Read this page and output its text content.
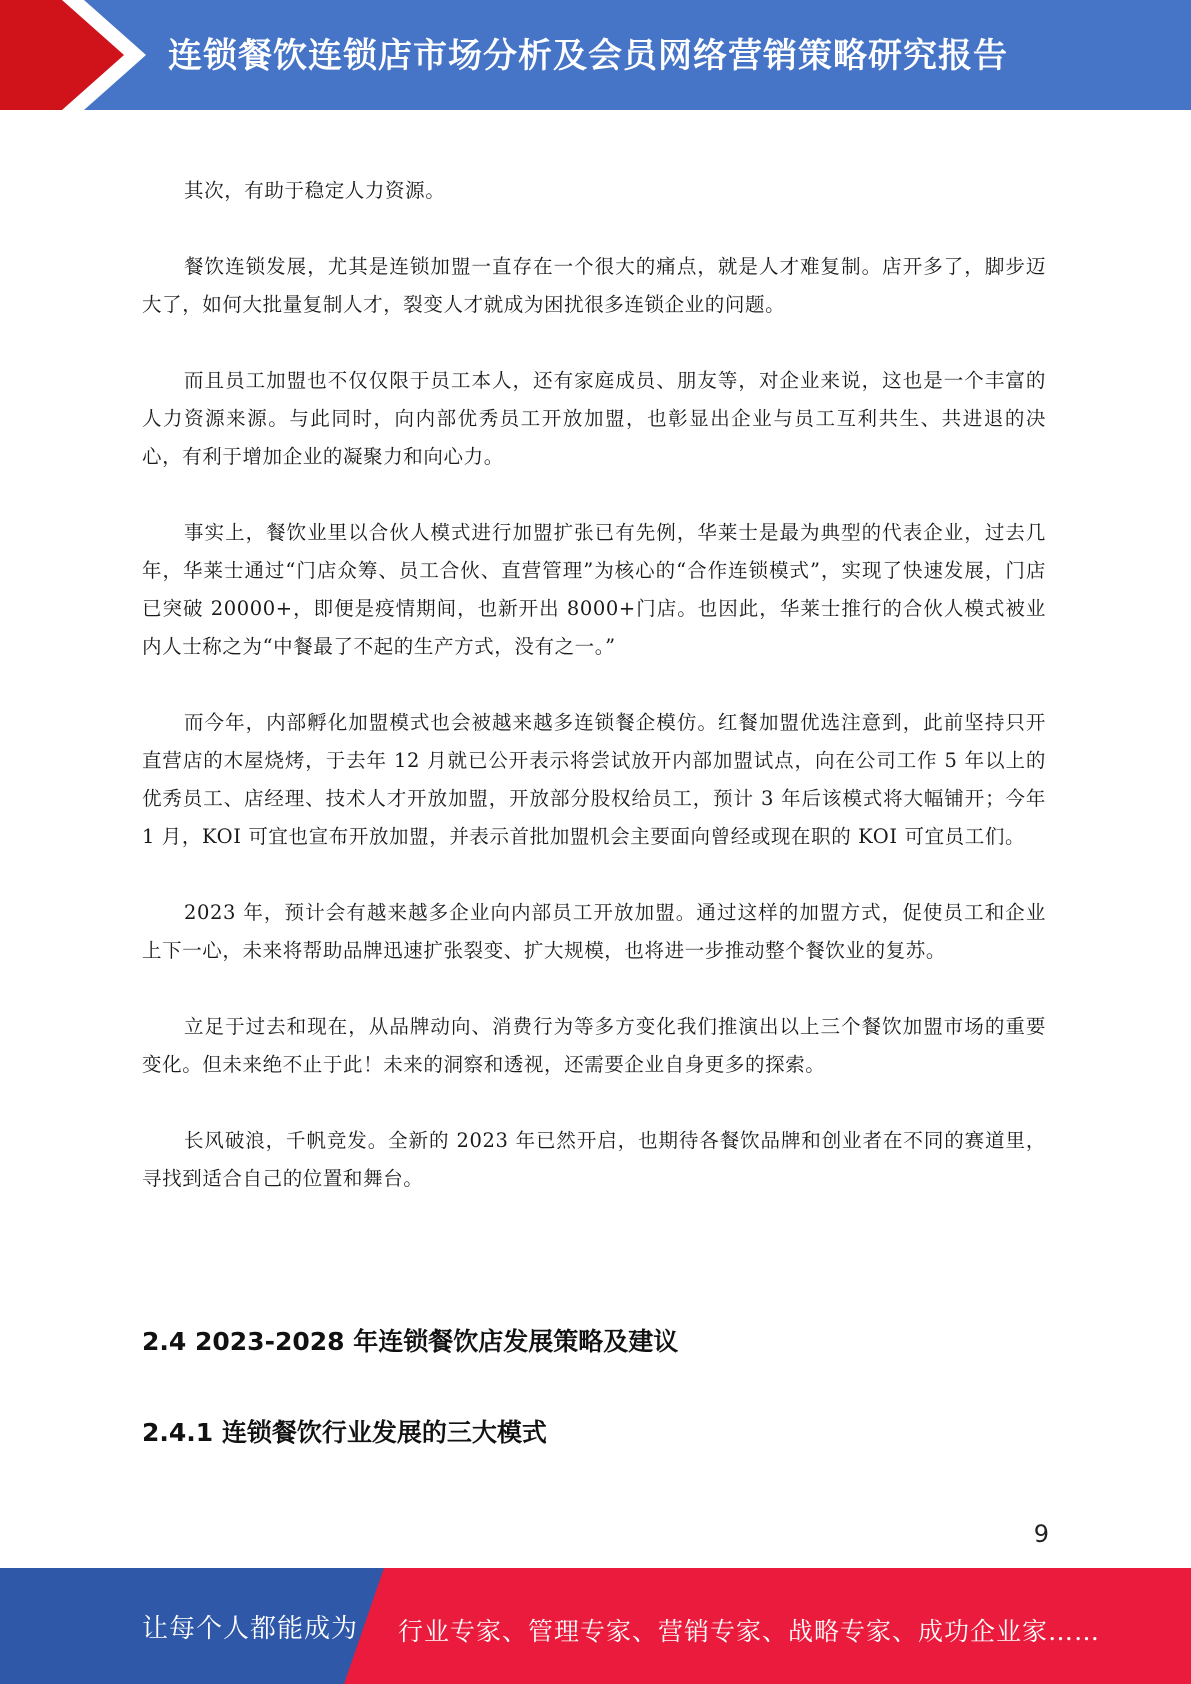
连锁餐饮连锁店市场分析及会员网络营销策略研究报告

其次，有助于稳定人力资源。

餐饮连锁发展，尤其是连锁加盟一直存在一个很大的痛点，就是人才难复制。店开多了，脚步迈大了，如何大批量复制人才，裂变人才就成为困扰很多连锁企业的问题。

而且员工加盟也不仅仅限于员工本人，还有家庭成员、朋友等，对企业来说，这也是一个丰富的人力资源来源。与此同时，向内部优秀员工开放加盟，也彰显出企业与员工互利共生、共进退的决心，有利于增加企业的凝聚力和向心力。

事实上，餐饮业里以合伙人模式进行加盟扩张已有先例，华莱士是最为典型的代表企业，过去几年，华莱士通过“门店众筹、员工合伙、直营管理”为核心的“合作连锁模式”，实现了快速发展，门店已突破 20000+，即便是疫情期间，也新开出 8000+门店。也因此，华莱士推行的合伙人模式被业内人士称之为“中餐最了不起的生产方式，没有之一。”

而今年，内部孵化加盟模式也会被越来越多连锁餐企模仿。红餐加盟优选注意到，此前坚持只开直营店的木屋烧烤，于去年 12 月就已公开表示将尝试放开内部加盟试点，向在公司工作 5 年以上的优秀员工、店经理、技术人才开放加盟，开放部分股权给员工，预计 3 年后该模式将大幅铺开；今年 1 月，KOI 可宜也宣布开放加盟，并表示首批加盟机会主要面向曾经或现在职的 KOI 可宜员工们。

2023 年，预计会有越来越多企业向内部员工开放加盟。通过这样的加盟方式，促使员工和企业上下一心，未来将帮助品牌迅速扩张裂变、扩大规模，也将进一步推动整个餐饮业的复苏。

立足于过去和现在，从品牌动向、消费行为等多方变化我们推演出以上三个餐饮加盟市场的重要变化。但未来绝不止于此！未来的洞察和透视，还需要企业自身更多的探索。

长风破浪，千帆竞发。全新的 2023 年已然开启，也期待各餐饮品牌和创业者在不同的赛道里，寻找到适合自己的位置和舞台。

2.4 2023-2028 年连锁餐饮店发展策略及建议
2.4.1 连锁餐饮行业发展的三大模式
9
让每个人都能成为 行业专家、管理专家、营销专家、战略专家、成功企业家……
